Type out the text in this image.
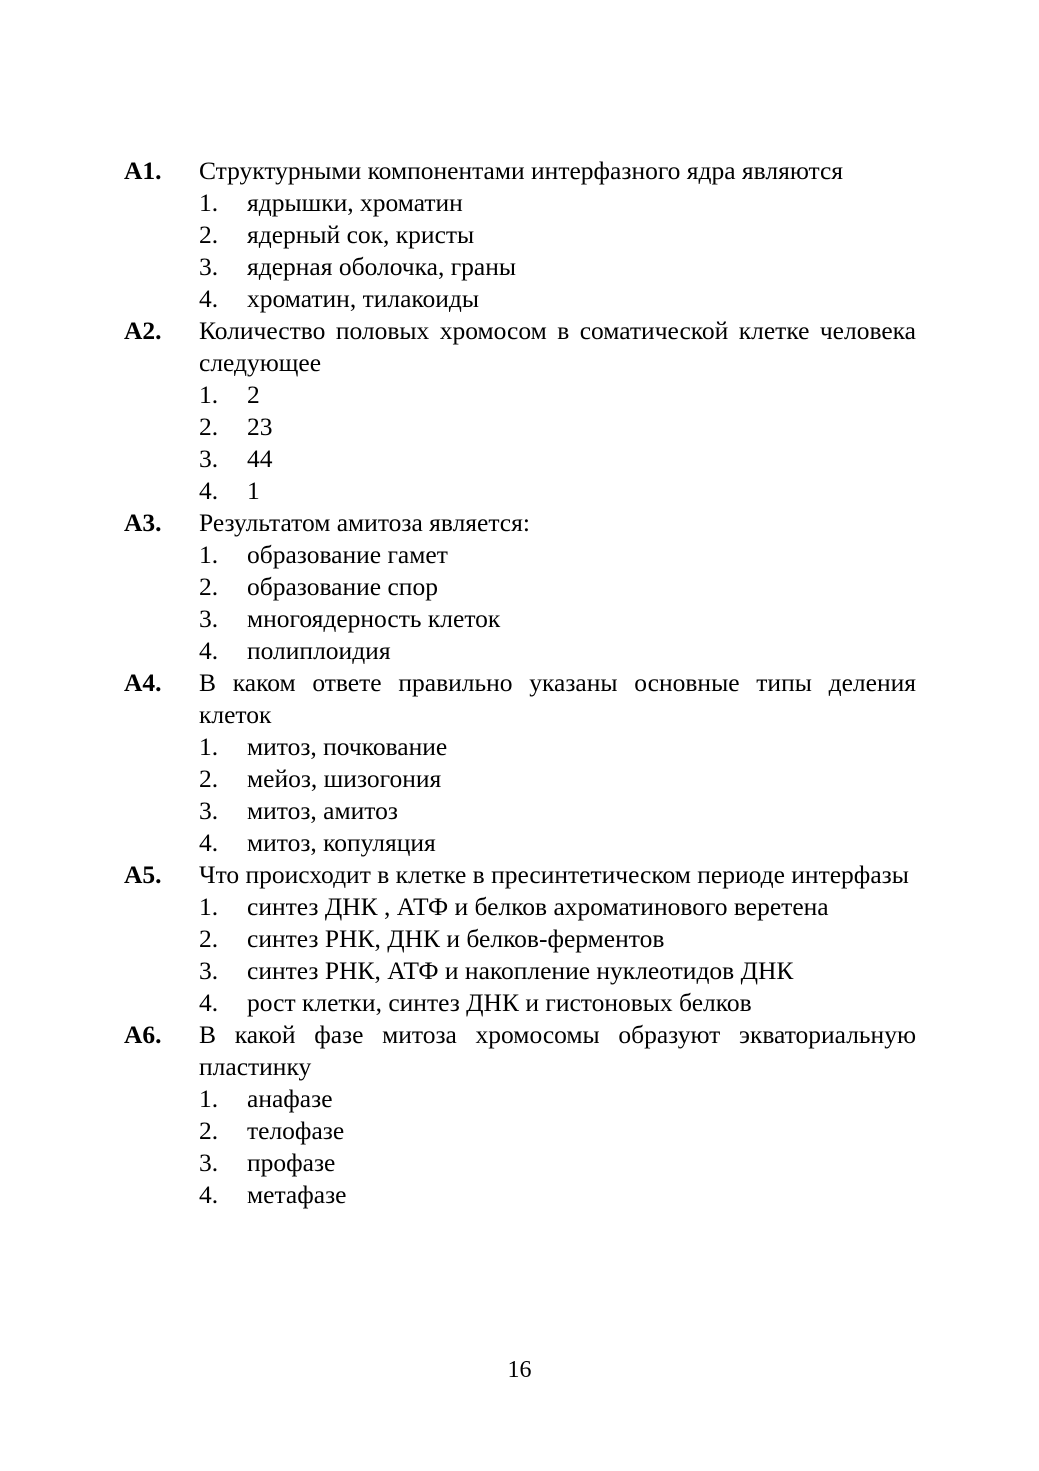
А1.	Структурными компонентами интерфазного ядра являются
1.	ядрышки, хроматин
2.	ядерный сок, кристы
3.	ядерная оболочка, граны
4.	хроматин, тилакоиды
А2.	Количество половых хромосом в соматической клетке человека следующее
1.	2
2.	23
3.	44
4.	1
А3.	Результатом амитоза является:
1.	образование гамет
2.	образование спор
3.	многоядерность клеток
4.	полиплоидия
А4.	В каком ответе правильно указаны основные типы деления клеток
1.	митоз, почкование
2.	мейоз, шизогония
3.	митоз, амитоз
4.	митоз, копуляция
А5.	Что происходит в клетке в пресинтетическом периоде интерфазы
1.	синтез ДНК , АТФ и белков ахроматинового веретена
2.	синтез РНК, ДНК и белков-ферментов
3.	синтез РНК, АТФ и накопление нуклеотидов ДНК
4.	рост клетки, синтез ДНК и гистоновых белков
А6.	В какой фазе митоза хромосомы образуют экваториальную пластинку
1.	анафазе
2.	телофазе
3.	профазе
4.	метафазе
16
